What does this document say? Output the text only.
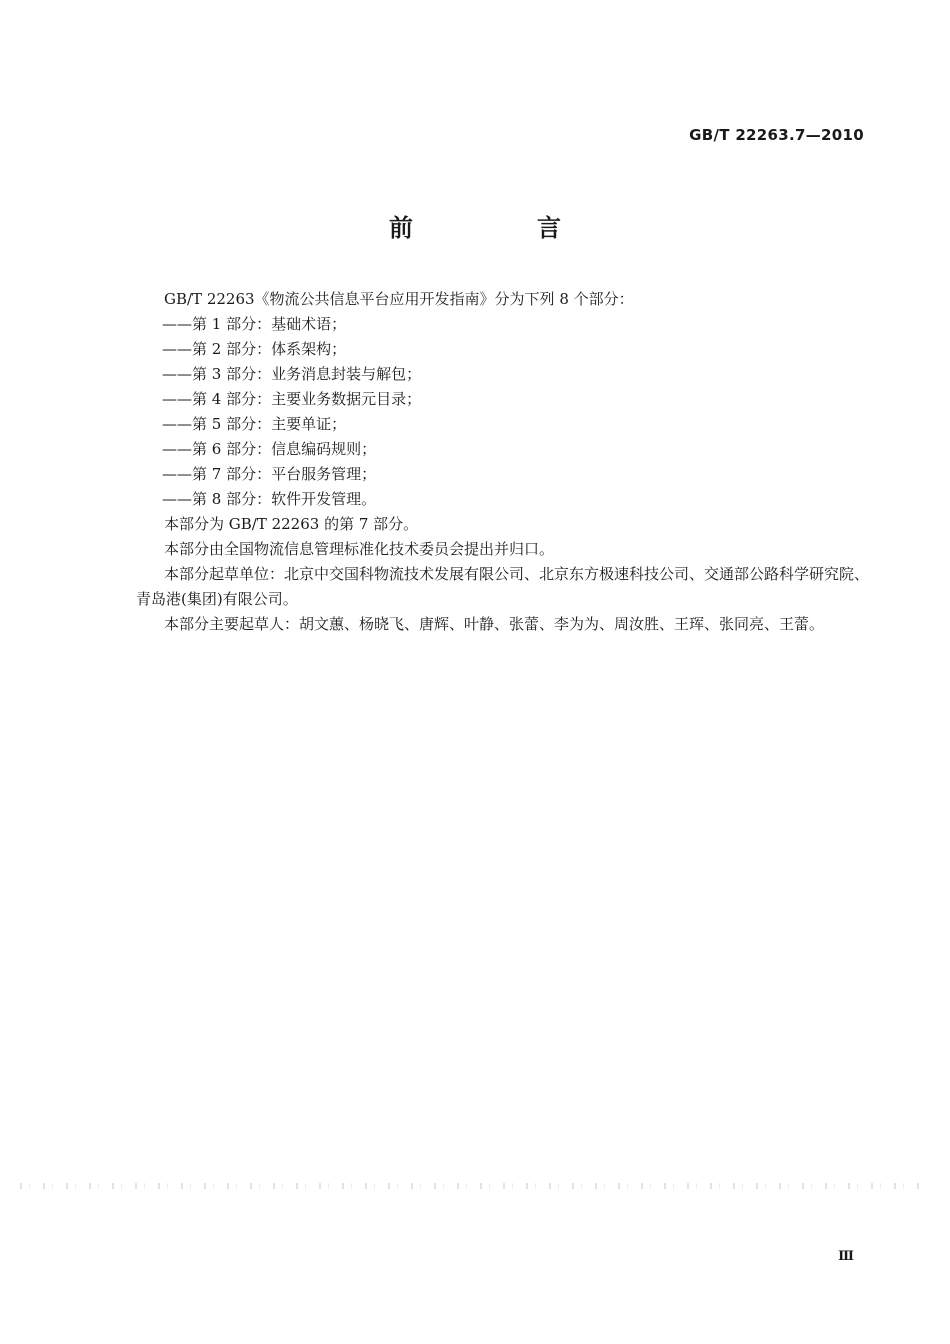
GB/T 22263.7—2010
前　言

GB/T 22263《物流公共信息平台应用开发指南》分为下列 8 个部分：

——第 1 部分：基础术语；

——第 2 部分：体系架构；

——第 3 部分：业务消息封装与解包；

——第 4 部分：主要业务数据元目录；

——第 5 部分：主要单证；

——第 6 部分：信息编码规则；

——第 7 部分：平台服务管理；

——第 8 部分：软件开发管理。

本部分为 GB/T 22263 的第 7 部分。

本部分由全国物流信息管理标准化技术委员会提出并归口。

本部分起草单位：北京中交国科物流技术发展有限公司、北京东方极速科技公司、交通部公路科学研究院、青岛港(集团)有限公司。

本部分主要起草人：胡文蕙、杨晓飞、唐辉、叶静、张蕾、李为为、周汝胜、王珲、张同亮、王蕾。

Ⅲ
